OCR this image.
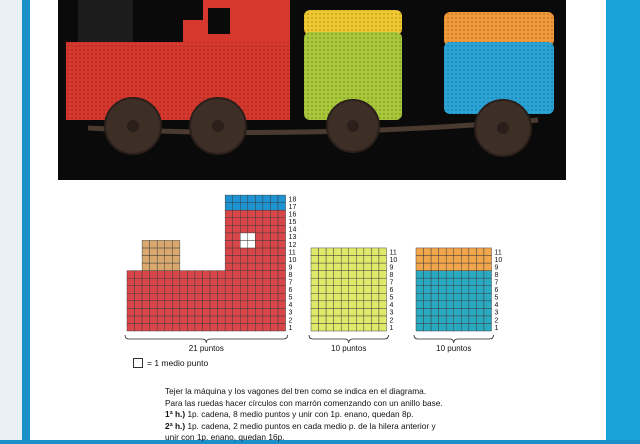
1
2
3
4
5
6
7
8
9
10
11
12
13
14
15
16
17
18
21 puntos
1
2
3
4
5
6
7
8
9
10
11
10 puntos
1
2
3
4
5
6
7
8
9
10
11
10 puntos
= 1 medio punto

Tejer la máquina y los vagones del tren como se indica en el diagrama.

Para las ruedas hacer círculos con marrón comenzando con un anillo base.

1ª h.) 1p. cadena, 8 medio puntos y unir con 1p. enano, quedan 8p.

2ª h.) 1p. cadena, 2 medio puntos en cada medio p. de la hilera anterior y

unir con 1p. enano, quedan 16p.
